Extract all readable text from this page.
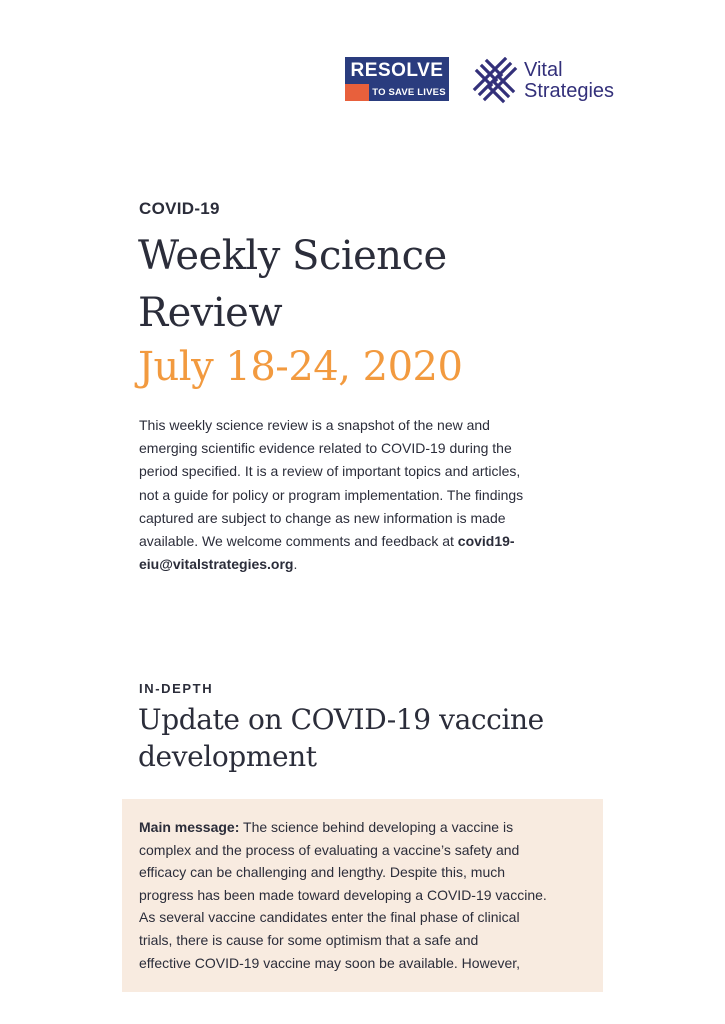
RESOLVE
TO SAVE LIVES
Vital
Strategies
COVID-19
Weekly Science
Review
July 18-24, 2020
This weekly science review is a snapshot of the new and
emerging scientific evidence related to COVID-19 during the
period specified. It is a review of important topics and articles,
not a guide for policy or program implementation. The findings
captured are subject to change as new information is made
available. We welcome comments and feedback at covid19-
eiu@vitalstrategies.org.
IN-DEPTH
Update on COVID-19 vaccine
development
Main message: The science behind developing a vaccine is
complex and the process of evaluating a vaccine’s safety and
efficacy can be challenging and lengthy. Despite this, much
progress has been made toward developing a COVID-19 vaccine.
As several vaccine candidates enter the final phase of clinical
trials, there is cause for some optimism that a safe and
effective COVID-19 vaccine may soon be available. However,
